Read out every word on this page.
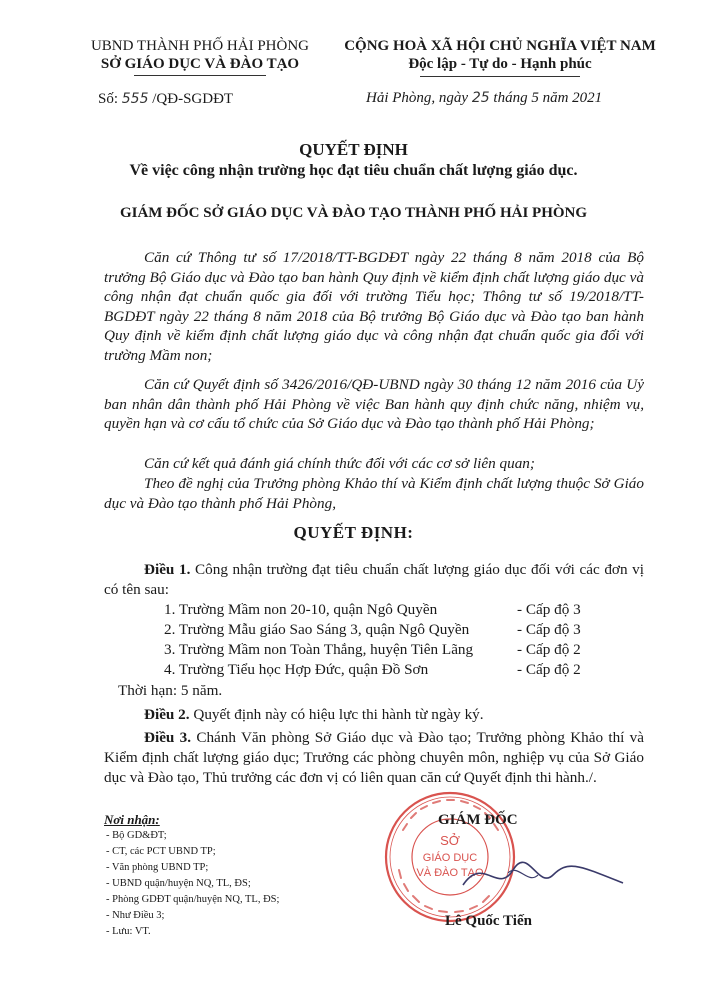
UBND THÀNH PHỐ HẢI PHÒNG
SỞ GIÁO DỤC VÀ ĐÀO TẠO
CỘNG HOÀ XÃ HỘI CHỦ NGHĨA VIỆT NAM
Độc lập - Tự do - Hạnh phúc
Số: 555 /QĐ-SGDĐT	Hải Phòng, ngày 25 tháng 5 năm 2021
QUYẾT ĐỊNH
Về việc công nhận trường học đạt tiêu chuẩn chất lượng giáo dục.
GIÁM ĐỐC SỞ GIÁO DỤC VÀ ĐÀO TẠO THÀNH PHỐ HẢI PHÒNG
Căn cứ Thông tư số 17/2018/TT-BGDĐT ngày 22 tháng 8 năm 2018 của Bộ trưởng Bộ Giáo dục và Đào tạo ban hành Quy định về kiểm định chất lượng giáo dục và công nhận đạt chuẩn quốc gia đối với trường Tiểu học; Thông tư số 19/2018/TT-BGDĐT ngày 22 tháng 8 năm 2018 của Bộ trưởng Bộ Giáo dục và Đào tạo ban hành Quy định về kiểm định chất lượng giáo dục và công nhận đạt chuẩn quốc gia đối với trường Mầm non;
Căn cứ Quyết định số 3426/2016/QĐ-UBND ngày 30 tháng 12 năm 2016 của Uỷ ban nhân dân thành phố Hải Phòng về việc Ban hành quy định chức năng, nhiệm vụ, quyền hạn và cơ cấu tổ chức của Sở Giáo dục và Đào tạo thành phố Hải Phòng;
Căn cứ kết quả đánh giá chính thức đối với các cơ sở liên quan;
Theo đề nghị của Trưởng phòng Khảo thí và Kiểm định chất lượng thuộc Sở Giáo dục và Đào tạo thành phố Hải Phòng,
QUYẾT ĐỊNH:
Điều 1. Công nhận trường đạt tiêu chuẩn chất lượng giáo dục đối với các đơn vị có tên sau:
1. Trường Mầm non 20-10, quận Ngô Quyền	- Cấp độ 3
2. Trường Mẫu giáo Sao Sáng 3, quận Ngô Quyền	- Cấp độ 3
3. Trường Mầm non Toàn Thắng, huyện Tiên Lãng	- Cấp độ 2
4. Trường Tiểu học Hợp Đức, quận Đồ Sơn	- Cấp độ 2
Thời hạn: 5 năm.
Điều 2. Quyết định này có hiệu lực thi hành từ ngày ký.
Điều 3. Chánh Văn phòng Sở Giáo dục và Đào tạo; Trưởng phòng Khảo thí và Kiểm định chất lượng giáo dục; Trưởng các phòng chuyên môn, nghiệp vụ của Sở Giáo dục và Đào tạo, Thủ trưởng các đơn vị có liên quan căn cứ Quyết định thi hành./.
Nơi nhận:
- Bộ GD&ĐT;
- CT, các PCT UBND TP;
- Văn phòng UBND TP;
- UBND quận/huyện NQ, TL, ĐS;
- Phòng GDĐT quận/huyện NQ, TL, ĐS;
- Như Điều 3;
- Lưu: VT.
SỞ
GIÁO DỤC
VÀ ĐÀO TẠO
GIÁM ĐỐC
Lê Quốc Tiến
